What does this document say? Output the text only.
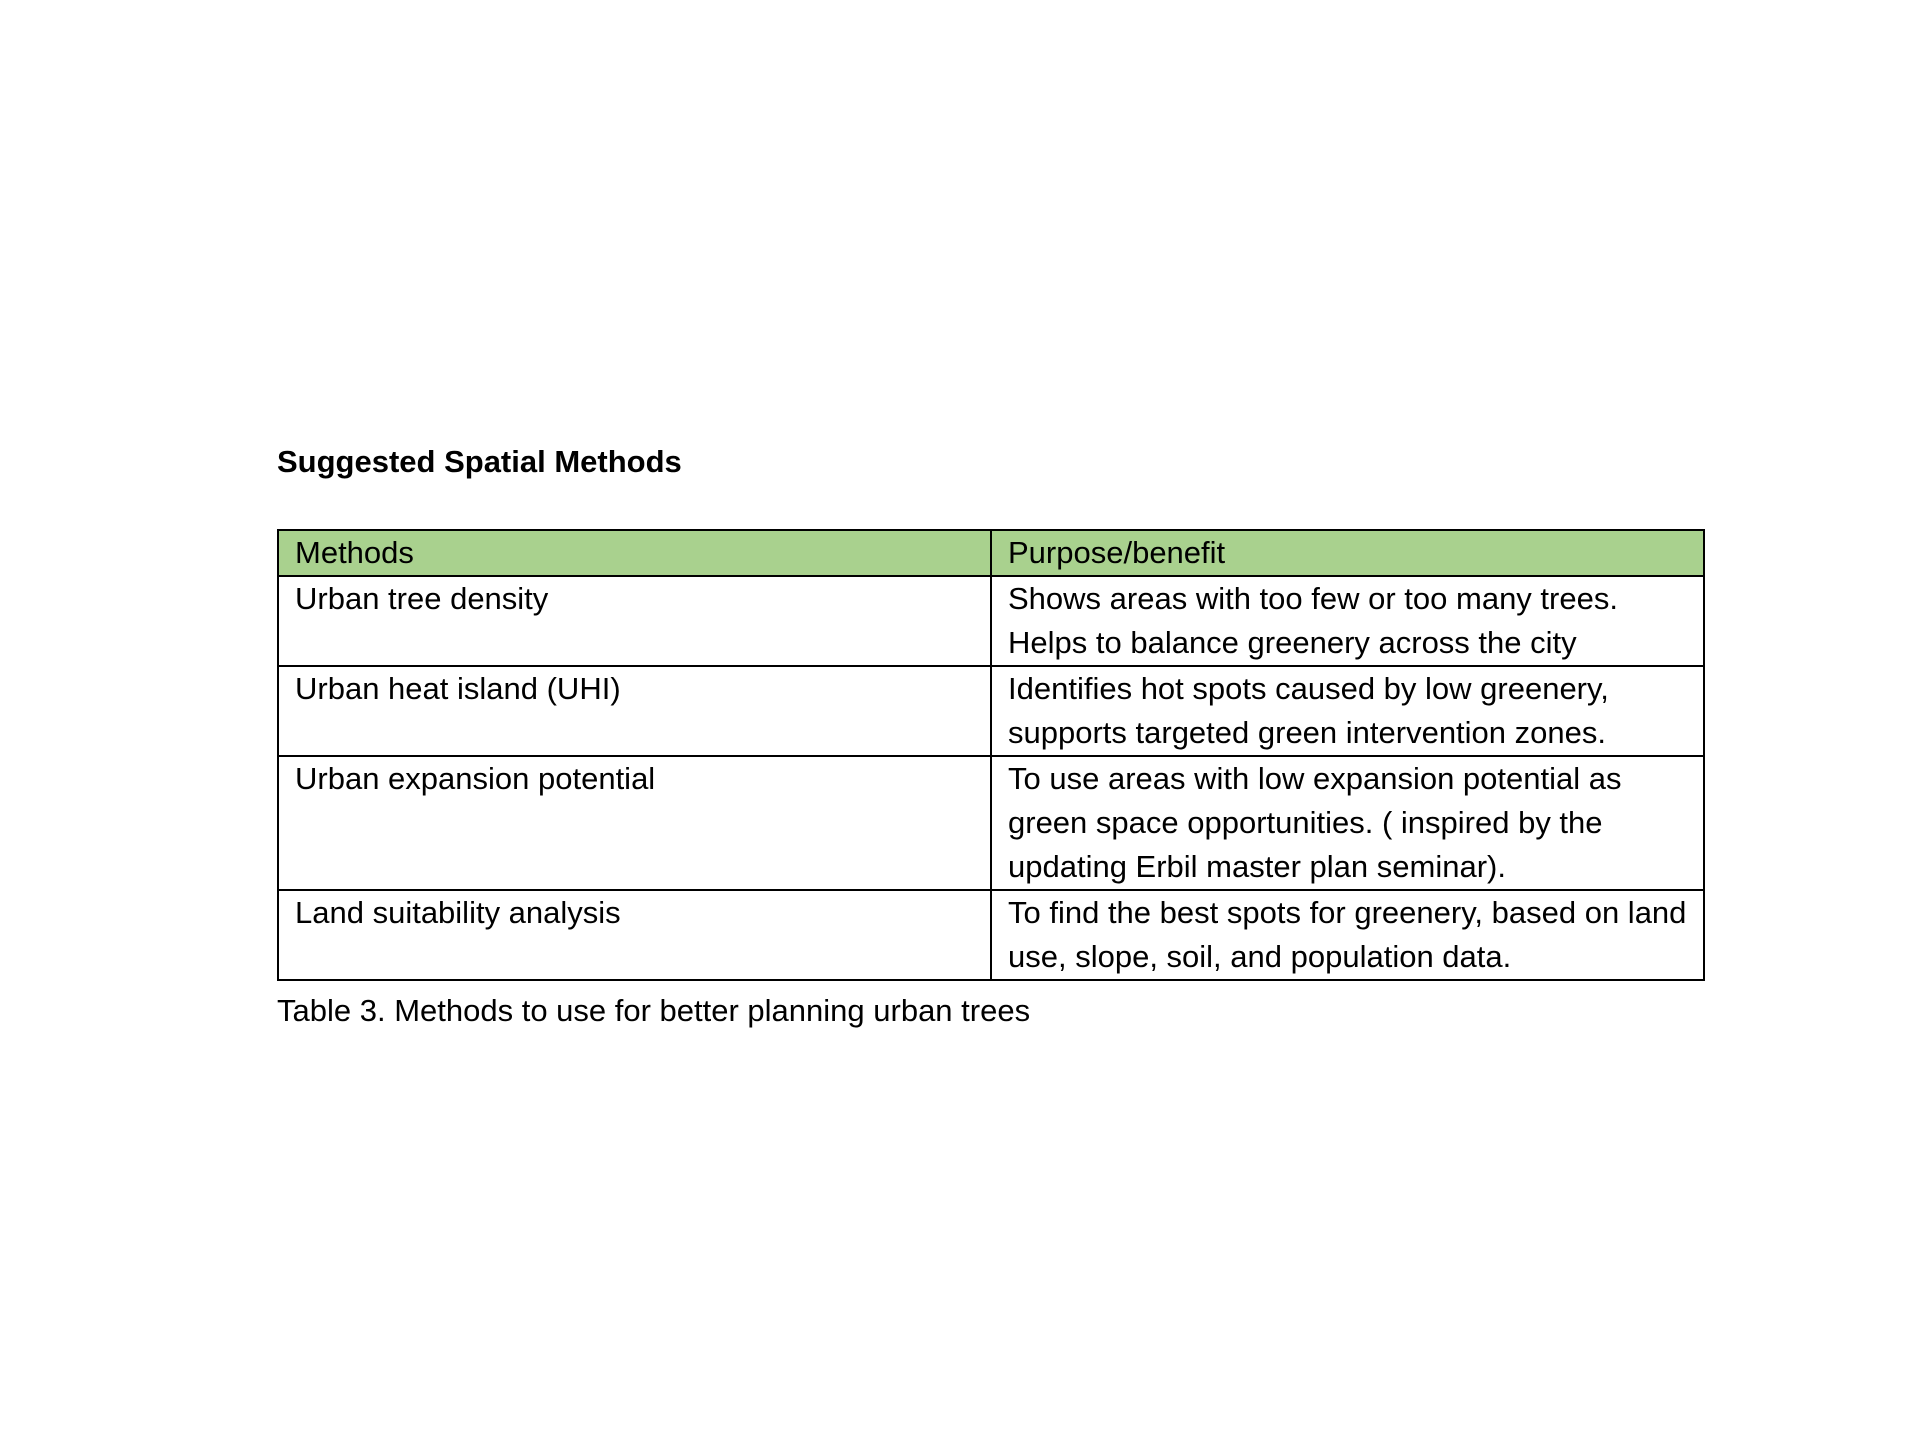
Suggested Spatial Methods
Methods	Purpose/benefit
Urban tree density	Shows areas with too few or too many trees. Helps to balance greenery across the city
Urban heat island (UHI)	Identifies hot spots caused by low greenery, supports targeted green intervention zones.
Urban expansion potential	To use areas with low expansion potential as green space opportunities. ( inspired by the updating Erbil master plan seminar).
Land suitability analysis	To find the best spots for greenery, based on land use, slope, soil, and population data.

Table 3. Methods to use for better planning urban trees
